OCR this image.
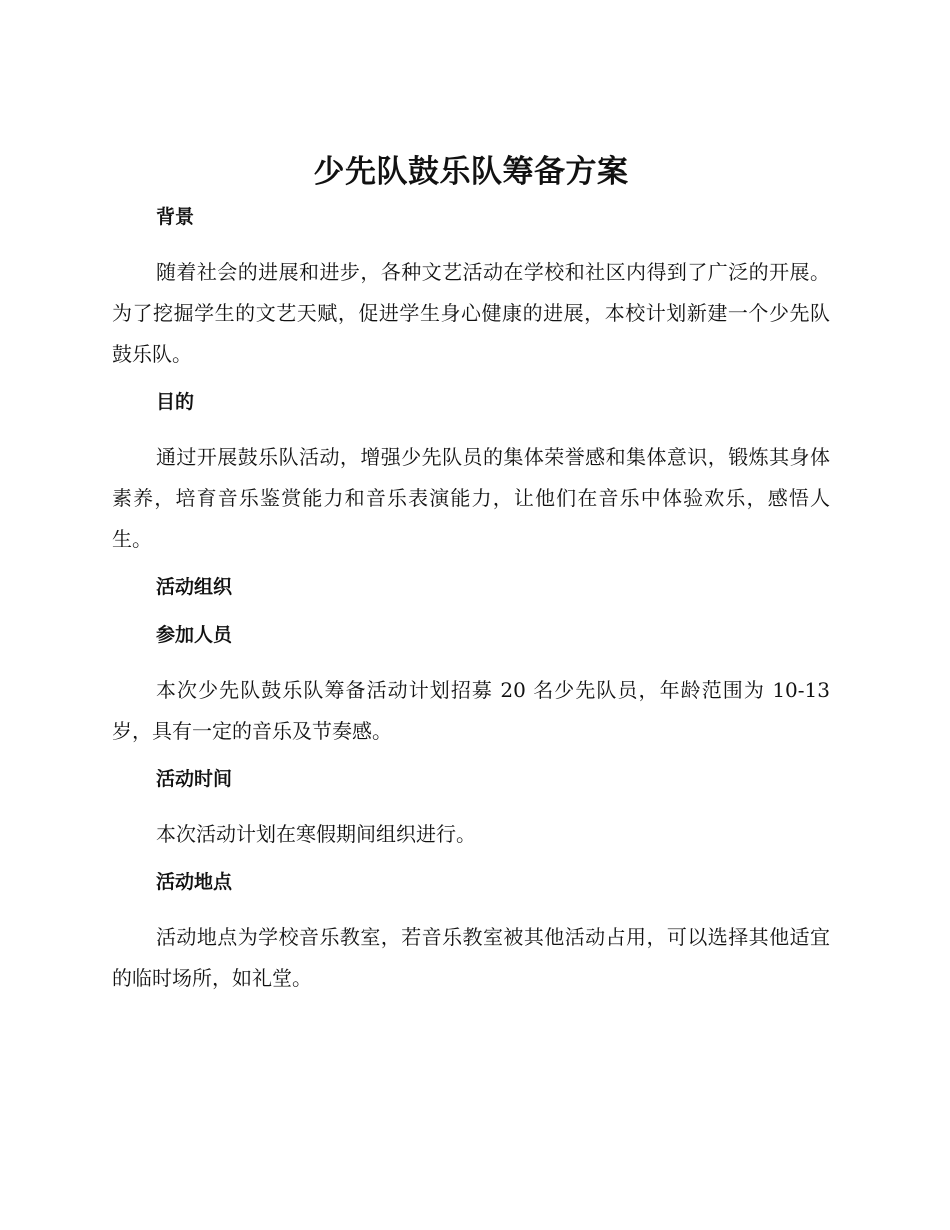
少先队鼓乐队筹备方案
背景

随着社会的进展和进步，各种文艺活动在学校和社区内得到了广泛的开展。为了挖掘学生的文艺天赋，促进学生身心健康的进展，本校计划新建一个少先队鼓乐队。

目的

通过开展鼓乐队活动，增强少先队员的集体荣誉感和集体意识，锻炼其身体素养，培育音乐鉴赏能力和音乐表演能力，让他们在音乐中体验欢乐，感悟人生。

活动组织
参加人员

本次少先队鼓乐队筹备活动计划招募 20 名少先队员，年龄范围为 10-13 岁，具有一定的音乐及节奏感。

活动时间

本次活动计划在寒假期间组织进行。

活动地点

活动地点为学校音乐教室，若音乐教室被其他活动占用，可以选择其他适宜的临时场所，如礼堂。
